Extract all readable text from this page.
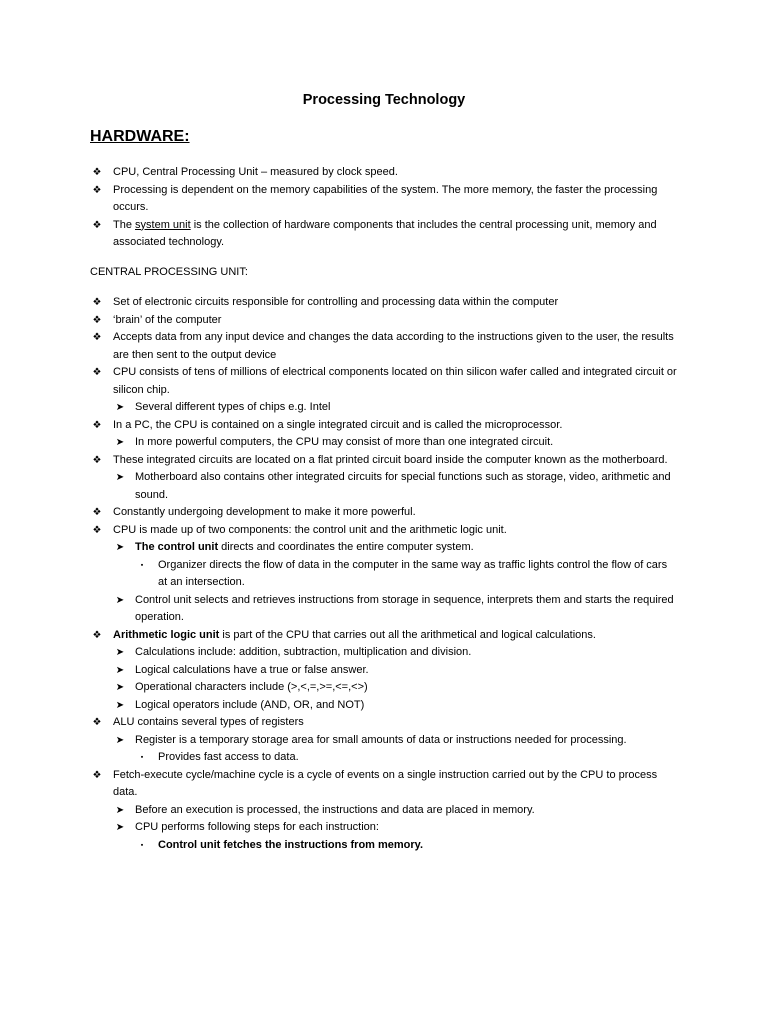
Processing Technology
HARDWARE:
❖ CPU, Central Processing Unit – measured by clock speed.
❖ Processing is dependent on the memory capabilities of the system. The more memory, the faster the processing occurs.
❖ The system unit is the collection of hardware components that includes the central processing unit, memory and associated technology.
CENTRAL PROCESSING UNIT:
❖ Set of electronic circuits responsible for controlling and processing data within the computer
❖ ‘brain’ of the computer
❖ Accepts data from any input device and changes the data according to the instructions given to the user, the results are then sent to the output device
❖ CPU consists of tens of millions of electrical components located on thin silicon wafer called and integrated circuit or silicon chip.
➤ Several different types of chips e.g. Intel
❖ In a PC, the CPU is contained on a single integrated circuit and is called the microprocessor.
➤ In more powerful computers, the CPU may consist of more than one integrated circuit.
❖ These integrated circuits are located on a flat printed circuit board inside the computer known as the motherboard.
➤ Motherboard also contains other integrated circuits for special functions such as storage, video, arithmetic and sound.
❖ Constantly undergoing development to make it more powerful.
❖ CPU is made up of two components: the control unit and the arithmetic logic unit.
➤ The control unit directs and coordinates the entire computer system.
▪	Organizer directs the flow of data in the computer in the same way as traffic lights control the flow of cars at an intersection.
➤ Control unit selects and retrieves instructions from storage in sequence, interprets them and starts the required operation.
❖ Arithmetic logic unit is part of the CPU that carries out all the arithmetical and logical calculations.
➤ Calculations include: addition, subtraction, multiplication and division.
➤ Logical calculations have a true or false answer.
➤ Operational characters include (>,<,=,>=,<=,<>)
➤ Logical operators include (AND, OR, and NOT)
❖ ALU contains several types of registers
➤ Register is a temporary storage area for small amounts of data or instructions needed for processing.
▪	Provides fast access to data.
❖ Fetch-execute cycle/machine cycle is a cycle of events on a single instruction carried out by the CPU to process data.
➤ Before an execution is processed, the instructions and data are placed in memory.
➤ CPU performs following steps for each instruction:
▪	Control unit fetches the instructions from memory.
